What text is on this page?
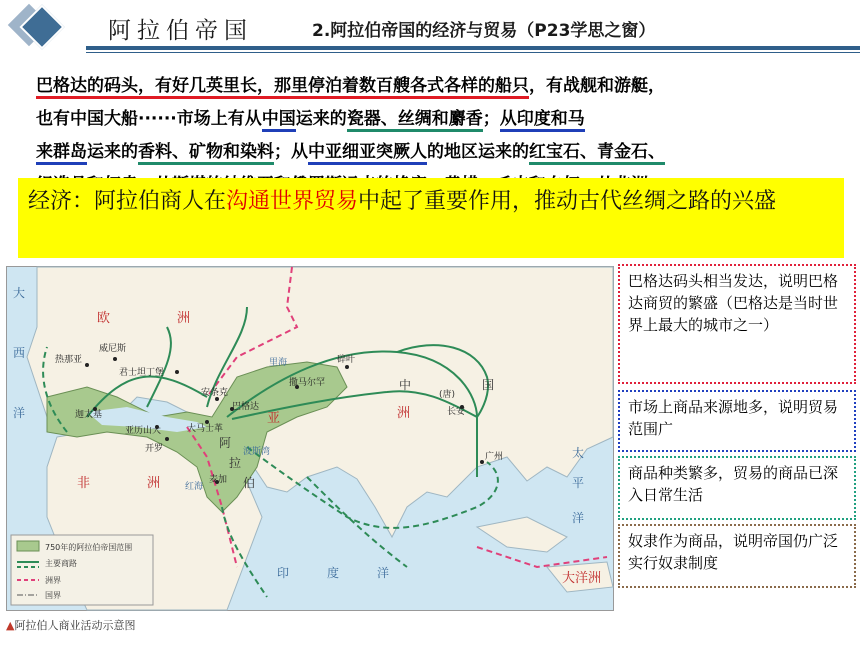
阿拉伯帝国	2.阿拉伯帝国的经济与贸易（P23学思之窗）
巴格达的码头，有好几英里长，那里停泊着数百艘各式各样的船只，有战舰和游艇，
也有中国大船······市场上有从中国运来的瓷器、丝绸和麝香；从印度和马
来群岛运来的香料、矿物和染料；从中亚细亚突厥人的地区运来的红宝石、青金石、
经济：阿拉伯商人在沟通世界贸易中起了重要作用，推动古代丝绸之路的兴盛
欧	洲
非	洲
亚	洲
大洋洲
中
(唐)
国
阿
拉
伯
大
西
洋
印	度	洋
太
平
洋
红海
里海
波斯湾
热那亚
威尼斯
君士坦丁堡
迦太基
亚历山大
开罗
安条克
大马士革
巴格达
麦加
撒马尔罕
碎叶
长安
广州
750年的阿拉伯帝国范围
主要商路
洲界
国界
▲阿拉伯人商业活动示意图
巴格达码头相当发达，说明巴格达商贸的繁盛（巴格达是当时世界上最大的城市之一）
市场上商品来源地多，说明贸易范围广
商品种类繁多，贸易的商品已深入日常生活
奴隶作为商品，说明帝国仍广泛实行奴隶制度
